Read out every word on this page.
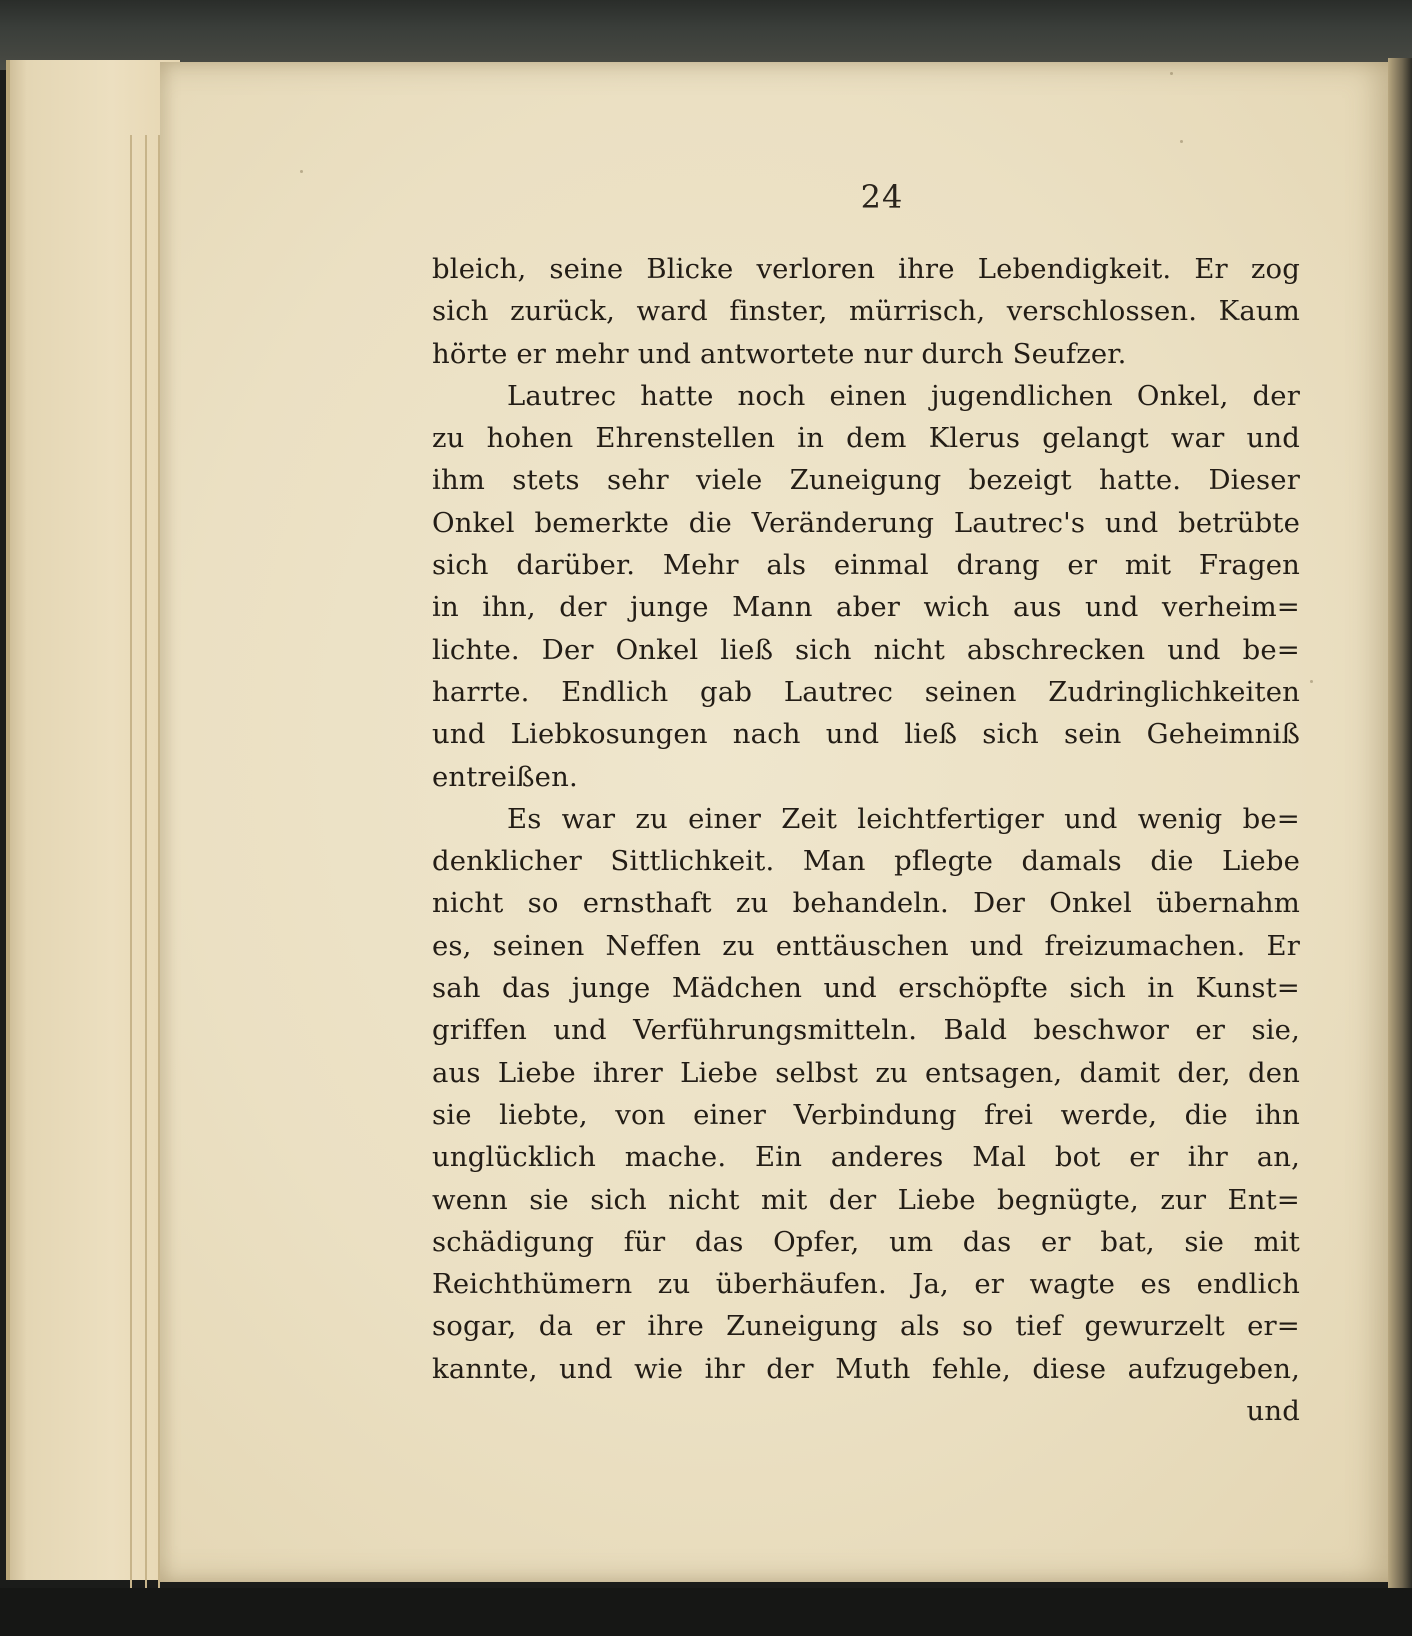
24
bleich, seine Blicke verloren ihre Lebendigkeit. Er zog
sich zurück, ward finster, mürrisch, verschlossen. Kaum
hörte er mehr und antwortete nur durch Seufzer.
Lautrec hatte noch einen jugendlichen Onkel, der
zu hohen Ehrenstellen in dem Klerus gelangt war und
ihm stets sehr viele Zuneigung bezeigt hatte. Dieser
Onkel bemerkte die Veränderung Lautrec's und betrübte
sich darüber. Mehr als einmal drang er mit Fragen
in ihn, der junge Mann aber wich aus und verheim=
lichte. Der Onkel ließ sich nicht abschrecken und be=
harrte. Endlich gab Lautrec seinen Zudringlichkeiten
und Liebkosungen nach und ließ sich sein Geheimniß
entreißen.
Es war zu einer Zeit leichtfertiger und wenig be=
denklicher Sittlichkeit. Man pflegte damals die Liebe
nicht so ernsthaft zu behandeln. Der Onkel übernahm
es, seinen Neffen zu enttäuschen und freizumachen. Er
sah das junge Mädchen und erschöpfte sich in Kunst=
griffen und Verführungsmitteln. Bald beschwor er sie,
aus Liebe ihrer Liebe selbst zu entsagen, damit der, den
sie liebte, von einer Verbindung frei werde, die ihn
unglücklich mache. Ein anderes Mal bot er ihr an,
wenn sie sich nicht mit der Liebe begnügte, zur Ent=
schädigung für das Opfer, um das er bat, sie mit
Reichthümern zu überhäufen. Ja, er wagte es endlich
sogar, da er ihre Zuneigung als so tief gewurzelt er=
kannte, und wie ihr der Muth fehle, diese aufzugeben,
und
